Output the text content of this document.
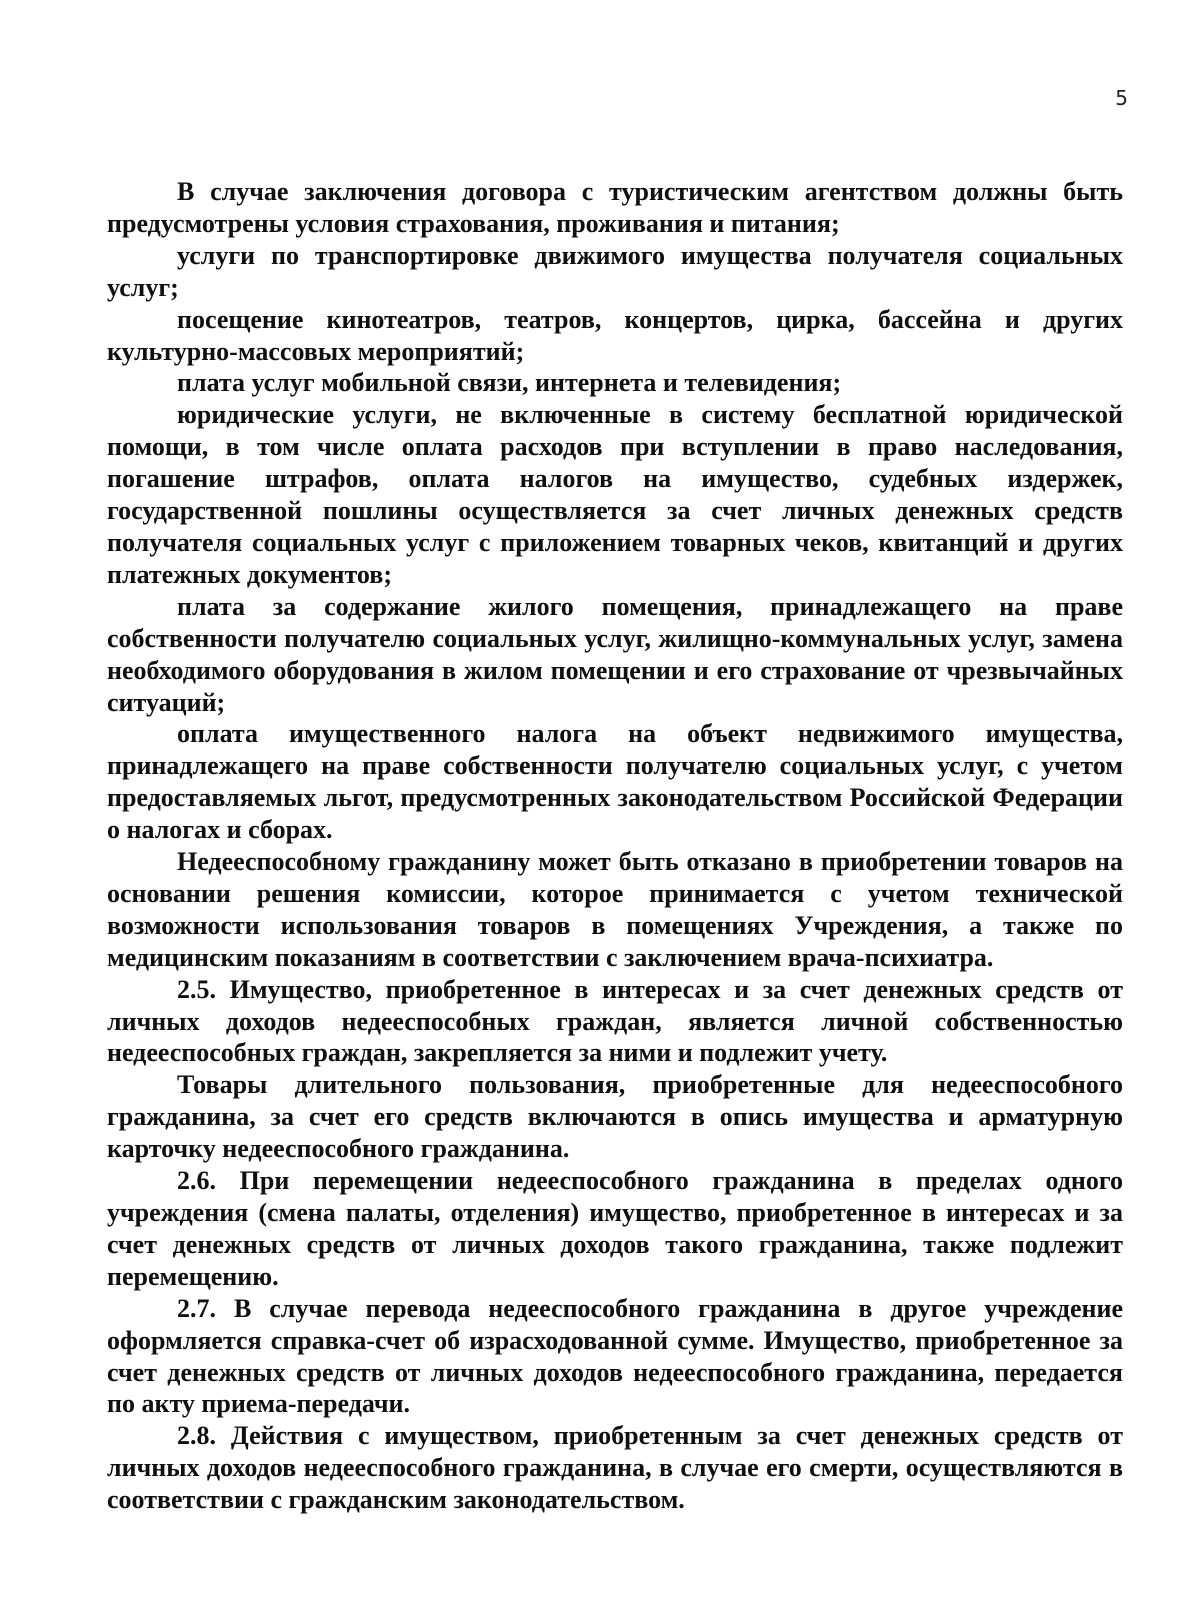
5

В случае заключения договора с туристическим агентством должны быть предусмотрены условия страхования, проживания и питания;

услуги по транспортировке движимого имущества получателя социальных услуг;

посещение кинотеатров, театров, концертов, цирка, бассейна и других культурно-массовых мероприятий;

плата услуг мобильной связи, интернета и телевидения;

юридические услуги, не включенные в систему бесплатной юридической помощи, в том числе оплата расходов при вступлении в право наследования, погашение штрафов, оплата налогов на имущество, судебных издержек, государственной пошлины осуществляется за счет личных денежных средств получателя социальных услуг с приложением товарных чеков, квитанций и других платежных документов;

плата за содержание жилого помещения, принадлежащего на праве собственности получателю социальных услуг, жилищно-коммунальных услуг, замена необходимого оборудования в жилом помещении и его страхование от чрезвычайных ситуаций;

оплата имущественного налога на объект недвижимого имущества, принадлежащего на праве собственности получателю социальных услуг, с учетом предоставляемых льгот, предусмотренных законодательством Российской Федерации о налогах и сборах.

Недееспособному гражданину может быть отказано в приобретении товаров на основании решения комиссии, которое принимается с учетом технической возможности использования товаров в помещениях Учреждения, а также по медицинским показаниям в соответствии с заключением врача-психиатра.

2.5. Имущество, приобретенное в интересах и за счет денежных средств от личных доходов недееспособных граждан, является личной собственностью недееспособных граждан, закрепляется за ними и подлежит учету.

Товары длительного пользования, приобретенные для недееспособного гражданина, за счет его средств включаются в опись имущества и арматурную карточку недееспособного гражданина.

2.6. При перемещении недееспособного гражданина в пределах одного учреждения (смена палаты, отделения) имущество, приобретенное в интересах и за счет денежных средств от личных доходов такого гражданина, также подлежит перемещению.

2.7. В случае перевода недееспособного гражданина в другое учреждение оформляется справка-счет об израсходованной сумме. Имущество, приобретенное за счет денежных средств от личных доходов недееспособного гражданина, передается по акту приема-передачи.

2.8. Действия с имуществом, приобретенным за счет денежных средств от личных доходов недееспособного гражданина, в случае его смерти, осуществляются в соответствии с гражданским законодательством.
